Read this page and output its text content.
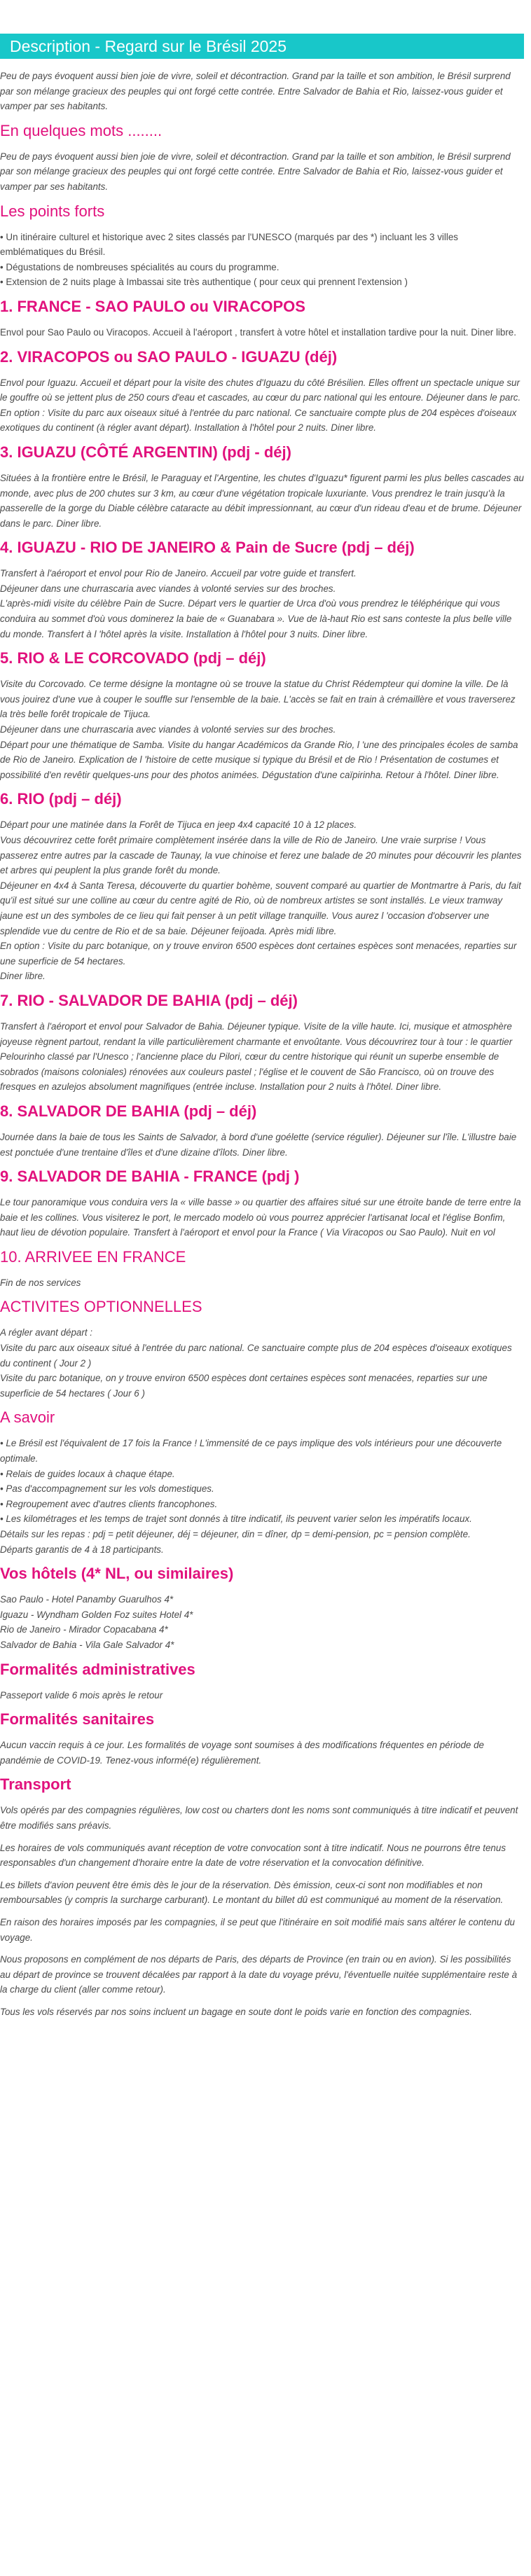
Description - Regard sur le Brésil 2025

Peu de pays évoquent aussi bien joie de vivre, soleil et décontraction. Grand par la taille et son ambition, le Brésil surprend par son mélange gracieux des peuples qui ont forgé cette contrée. Entre Salvador de Bahia et Rio, laissez-vous guider et vamper par ses habitants.

En quelques mots ........

Peu de pays évoquent aussi bien joie de vivre, soleil et décontraction. Grand par la taille et son ambition, le Brésil surprend par son mélange gracieux des peuples qui ont forgé cette contrée. Entre Salvador de Bahia et Rio, laissez-vous guider et vamper par ses habitants.

Les points forts

• Un itinéraire culturel et historique avec 2 sites classés par l'UNESCO (marqués par des *) incluant les 3 villes emblématiques du Brésil.
• Dégustations de nombreuses spécialités au cours du programme.
• Extension de 2 nuits plage à Imbassai site très authentique ( pour ceux qui prennent l'extension )

1. FRANCE - SAO PAULO ou VIRACOPOS

Envol pour Sao Paulo ou Viracopos. Accueil à l'aéroport , transfert à votre hôtel et installation tardive pour la nuit. Diner libre.

2. VIRACOPOS ou SAO PAULO - IGUAZU (déj)

Envol pour Iguazu. Accueil et départ pour la visite des chutes d'Iguazu du côté Brésilien. Elles offrent un spectacle unique sur le gouffre où se jettent plus de 250 cours d'eau et cascades, au cœur du parc national qui les entoure. Déjeuner dans le parc. En option : Visite du parc aux oiseaux situé à l'entrée du parc national. Ce sanctuaire compte plus de 204 espèces d'oiseaux exotiques du continent (à régler avant départ). Installation à l'hôtel pour 2 nuits. Diner libre.

3. IGUAZU (CÔTÉ ARGENTIN) (pdj - déj)

Situées à la frontière entre le Brésil, le Paraguay et l'Argentine, les chutes d'Iguazu* figurent parmi les plus belles cascades au monde, avec plus de 200 chutes sur 3 km, au cœur d'une végétation tropicale luxuriante. Vous prendrez le train jusqu'à la passerelle de la gorge du Diable célèbre cataracte au débit impressionnant, au cœur d'un rideau d'eau et de brume. Déjeuner dans le parc. Diner libre.

4. IGUAZU - RIO DE JANEIRO & Pain de Sucre (pdj – déj)

Transfert à l'aéroport et envol pour Rio de Janeiro. Accueil par votre guide et transfert.
Déjeuner dans une churrascaria avec viandes à volonté servies sur des broches.
L'après-midi visite du célèbre Pain de Sucre. Départ vers le quartier de Urca d'où vous prendrez le téléphérique qui vous conduira au sommet d'où vous dominerez la baie de « Guanabara ». Vue de là-haut Rio est sans conteste la plus belle ville du monde. Transfert à l 'hôtel après la visite. Installation à l'hôtel pour 3 nuits. Diner libre.

5. RIO & LE CORCOVADO (pdj – déj)

Visite du Corcovado. Ce terme désigne la montagne où se trouve la statue du Christ Rédempteur qui domine la ville. De là vous jouirez d'une vue à couper le souffle sur l'ensemble de la baie. L'accès se fait en train à crémaillère et vous traverserez la très belle forêt tropicale de Tijuca.
Déjeuner dans une churrascaria avec viandes à volonté servies sur des broches.
Départ pour une thématique de Samba. Visite du hangar Académicos da Grande Rio, l 'une des principales écoles de samba de Rio de Janeiro. Explication de l 'histoire de cette musique si typique du Brésil et de Rio ! Présentation de costumes et possibilité d'en revêtir quelques-uns pour des photos animées. Dégustation d'une caïpirinha. Retour à l'hôtel. Diner libre.

6. RIO (pdj – déj)

Départ pour une matinée dans la Forêt de Tijuca en jeep 4x4 capacité 10 à 12 places.
Vous découvrirez cette forêt primaire complètement insérée dans la ville de Rio de Janeiro. Une vraie surprise ! Vous passerez entre autres par la cascade de Taunay, la vue chinoise et ferez une balade de 20 minutes pour découvrir les plantes et arbres qui peuplent la plus grande forêt du monde.
Déjeuner en 4x4 à Santa Teresa, découverte du quartier bohème, souvent comparé au quartier de Montmartre à Paris, du fait qu'il est situé sur une colline au cœur du centre agité de Rio, où de nombreux artistes se sont installés. Le vieux tramway jaune est un des symboles de ce lieu qui fait penser à un petit village tranquille. Vous aurez l 'occasion d'observer une splendide vue du centre de Rio et de sa baie. Déjeuner feijoada. Après midi libre.
En option : Visite du parc botanique, on y trouve environ 6500 espèces dont certaines espèces sont menacées, reparties sur une superficie de 54 hectares.
Diner libre.

7. RIO - SALVADOR DE BAHIA (pdj – déj)

Transfert à l'aéroport et envol pour Salvador de Bahia. Déjeuner typique. Visite de la ville haute. Ici, musique et atmosphère joyeuse règnent partout, rendant la ville particulièrement charmante et envoûtante. Vous découvrirez tour à tour : le quartier Pelourinho classé par l'Unesco ; l'ancienne place du Pilori, cœur du centre historique qui réunit un superbe ensemble de sobrados (maisons coloniales) rénovées aux couleurs pastel ; l'église et le couvent de São Francisco, où on trouve des fresques en azulejos absolument magnifiques (entrée incluse. Installation pour 2 nuits à l'hôtel. Diner libre.

8. SALVADOR DE BAHIA (pdj – déj)

Journée dans la baie de tous les Saints de Salvador, à bord d'une goélette (service régulier). Déjeuner sur l'île. L'illustre baie est ponctuée d'une trentaine d'îles et d'une dizaine d'îlots. Diner libre.

9. SALVADOR DE BAHIA - FRANCE (pdj )

Le tour panoramique vous conduira vers la « ville basse » ou quartier des affaires situé sur une étroite bande de terre entre la baie et les collines. Vous visiterez le port, le mercado modelo où vous pourrez apprécier l'artisanat local et l'église Bonfim, haut lieu de dévotion populaire. Transfert à l'aéroport et envol pour la France ( Via Viracopos ou Sao Paulo). Nuit en vol

10. ARRIVEE EN FRANCE

Fin de nos services

ACTIVITES OPTIONNELLES

A régler avant départ :
Visite du parc aux oiseaux situé à l'entrée du parc national. Ce sanctuaire compte plus de 204 espèces d'oiseaux exotiques du continent ( Jour 2 )
Visite du parc botanique, on y trouve environ 6500 espèces dont certaines espèces sont menacées, reparties sur une superficie de 54 hectares ( Jour 6 )

A savoir

• Le Brésil est l'équivalent de 17 fois la France ! L'immensité de ce pays implique des vols intérieurs pour une découverte optimale.
• Relais de guides locaux à chaque étape.
• Pas d'accompagnement sur les vols domestiques.
• Regroupement avec d'autres clients francophones.
• Les kilométrages et les temps de trajet sont donnés à titre indicatif, ils peuvent varier selon les impératifs locaux.
Détails sur les repas : pdj = petit déjeuner, déj = déjeuner, din = dîner, dp = demi-pension, pc = pension complète.
Départs garantis de 4 à 18 participants.

Vos hôtels (4* NL, ou similaires)

Sao Paulo - Hotel Panamby Guarulhos 4*
Iguazu - Wyndham Golden Foz suites Hotel 4*
Rio de Janeiro - Mirador Copacabana 4*
Salvador de Bahia - Vila Gale Salvador 4*

Formalités administratives

Passeport valide 6 mois après le retour

Formalités sanitaires

Aucun vaccin requis à ce jour. Les formalités de voyage sont soumises à des modifications fréquentes en période de pandémie de COVID-19. Tenez-vous informé(e) régulièrement.

Transport

Vols opérés par des compagnies régulières, low cost ou charters dont les noms sont communiqués à titre indicatif et peuvent être modifiés sans préavis.

Les horaires de vols communiqués avant réception de votre convocation sont à titre indicatif. Nous ne pourrons être tenus responsables d'un changement d'horaire entre la date de votre réservation et la convocation définitive.

Les billets d'avion peuvent être émis dès le jour de la réservation. Dès émission, ceux-ci sont non modifiables et non remboursables (y compris la surcharge carburant). Le montant du billet dû est communiqué au moment de la réservation.

En raison des horaires imposés par les compagnies, il se peut que l'itinéraire en soit modifié mais sans altérer le contenu du voyage.

Nous proposons en complément de nos départs de Paris, des départs de Province (en train ou en avion). Si les possibilités au départ de province se trouvent décalées par rapport à la date du voyage prévu, l'éventuelle nuitée supplémentaire reste à la charge du client (aller comme retour).

Tous les vols réservés par nos soins incluent un bagage en soute dont le poids varie en fonction des compagnies.
